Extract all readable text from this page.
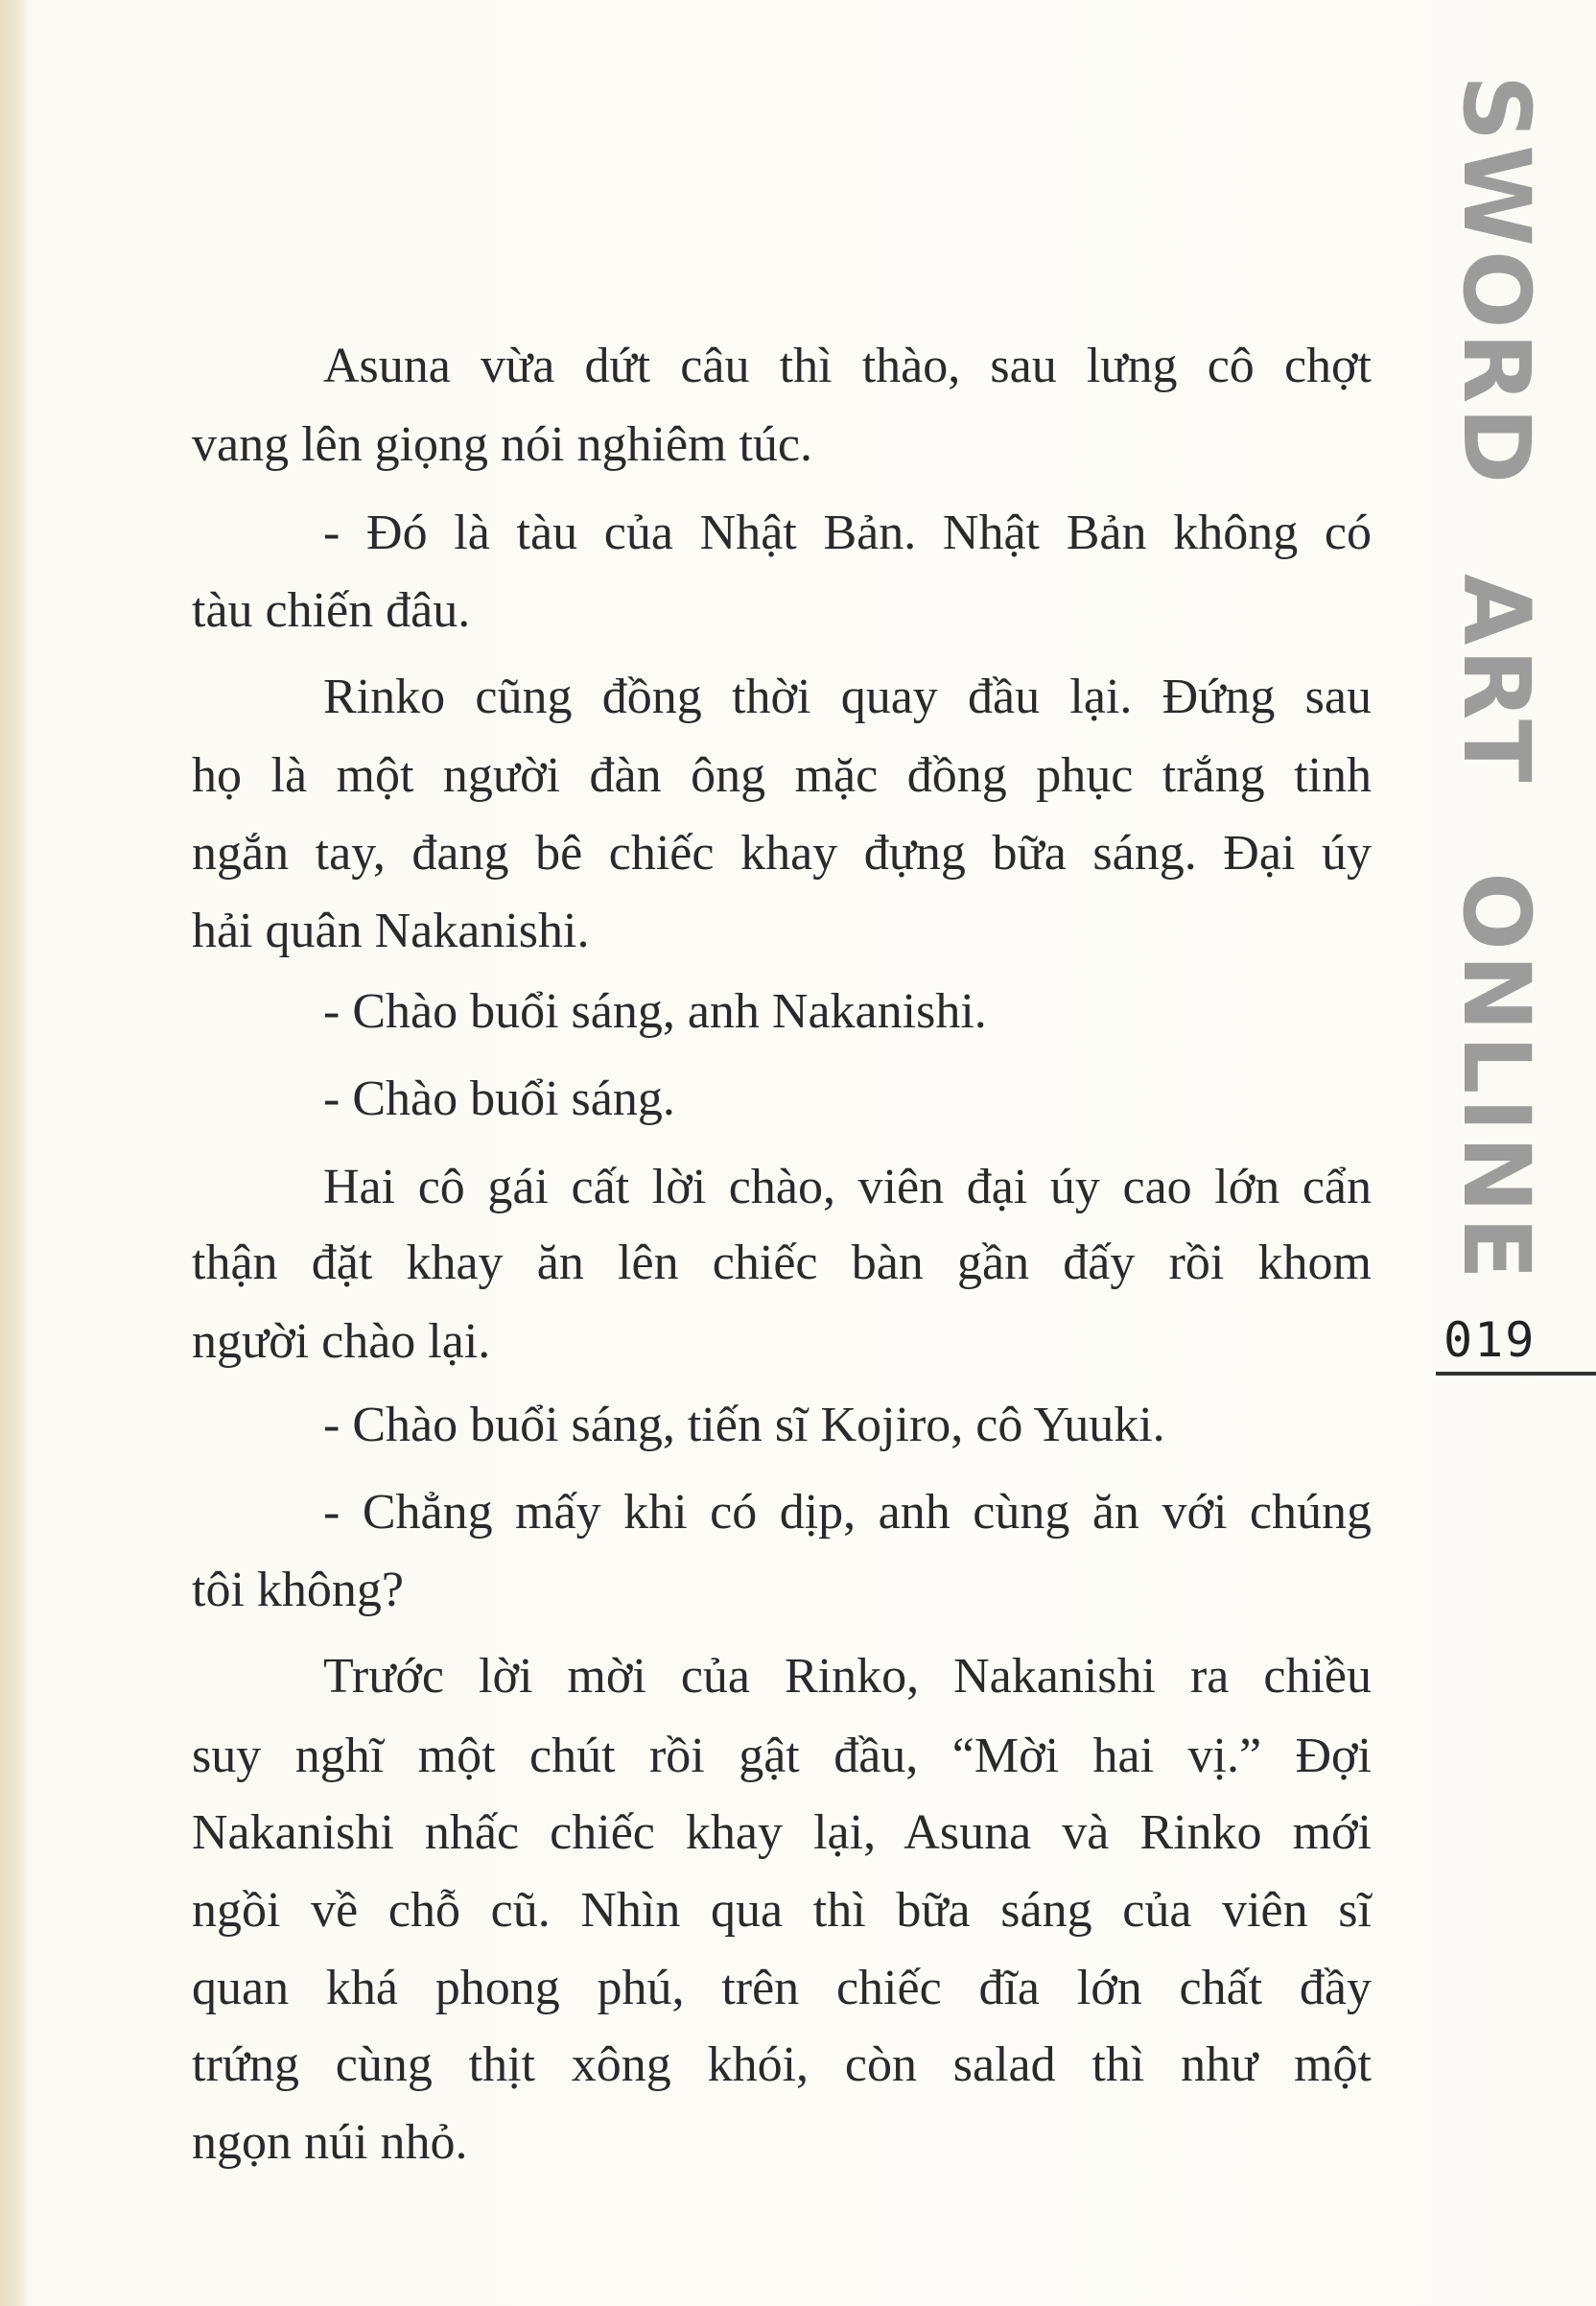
SWORD ART ONLINE
019
Asuna vừa dứt câu thì thào, sau lưng cô chợt
vang lên giọng nói nghiêm túc.
- Đó là tàu của Nhật Bản. Nhật Bản không có
tàu chiến đâu.
Rinko cũng đồng thời quay đầu lại. Đứng sau
họ là một người đàn ông mặc đồng phục trắng tinh
ngắn tay, đang bê chiếc khay đựng bữa sáng. Đại úy
hải quân Nakanishi.
- Chào buổi sáng, anh Nakanishi.
- Chào buổi sáng.
Hai cô gái cất lời chào, viên đại úy cao lớn cẩn
thận đặt khay ăn lên chiếc bàn gần đấy rồi khom
người chào lại.
- Chào buổi sáng, tiến sĩ Kojiro, cô Yuuki.
- Chẳng mấy khi có dịp, anh cùng ăn với chúng
tôi không?
Trước lời mời của Rinko, Nakanishi ra chiều
suy nghĩ một chút rồi gật đầu, “Mời hai vị.” Đợi
Nakanishi nhấc chiếc khay lại, Asuna và Rinko mới
ngồi về chỗ cũ. Nhìn qua thì bữa sáng của viên sĩ
quan khá phong phú, trên chiếc đĩa lớn chất đầy
trứng cùng thịt xông khói, còn salad thì như một
ngọn núi nhỏ.
